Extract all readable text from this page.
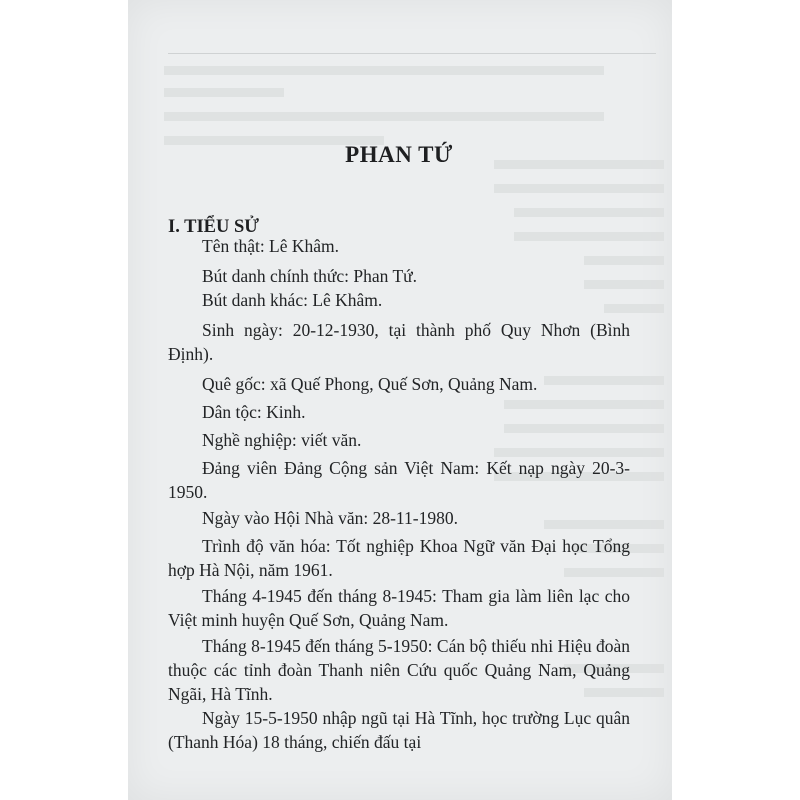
PHAN TỨ
I. TIỂU SỬ

Tên thật: Lê Khâm.

Bút danh chính thức: Phan Tứ.

Bút danh khác: Lê Khâm.

Sinh ngày: 20-12-1930, tại thành phố Quy Nhơn (Bình Định).

Quê gốc: xã Quế Phong, Quế Sơn, Quảng Nam.

Dân tộc: Kinh.

Nghề nghiệp: viết văn.

Đảng viên Đảng Cộng sản Việt Nam: Kết nạp ngày 20-3-1950.

Ngày vào Hội Nhà văn: 28-11-1980.

Trình độ văn hóa: Tốt nghiệp Khoa Ngữ văn Đại học Tổng hợp Hà Nội, năm 1961.

Tháng 4-1945 đến tháng 8-1945: Tham gia làm liên lạc cho Việt minh huyện Quế Sơn, Quảng Nam.

Tháng 8-1945 đến tháng 5-1950: Cán bộ thiếu nhi Hiệu đoàn thuộc các tỉnh đoàn Thanh niên Cứu quốc Quảng Nam, Quảng Ngãi, Hà Tĩnh.

Ngày 15-5-1950 nhập ngũ tại Hà Tĩnh, học trường Lục quân (Thanh Hóa) 18 tháng, chiến đấu tại
